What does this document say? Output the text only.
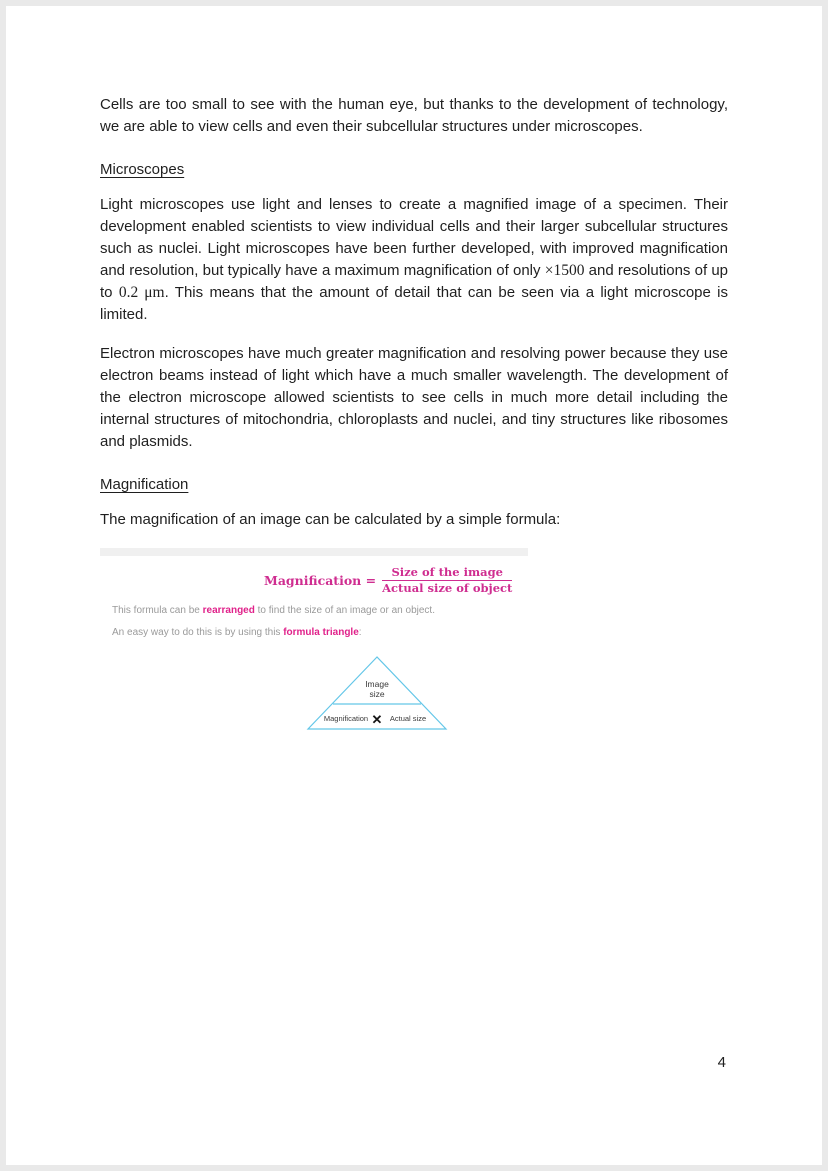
Cells are too small to see with the human eye, but thanks to the development of technology, we are able to view cells and even their subcellular structures under microscopes.

Microscopes

Light microscopes use light and lenses to create a magnified image of a specimen. Their development enabled scientists to view individual cells and their larger subcellular structures such as nuclei. Light microscopes have been further developed, with improved magnification and resolution, but typically have a maximum magnification of only ×1500 and resolutions of up to 0.2 μm. This means that the amount of detail that can be seen via a light microscope is limited.

Electron microscopes have much greater magnification and resolving power because they use electron beams instead of light which have a much smaller wavelength. The development of the electron microscope allowed scientists to see cells in much more detail including the internal structures of mitochondria, chloroplasts and nuclei, and tiny structures like ribosomes and plasmids.

Magnification

The magnification of an image can be calculated by a simple formula:

Magnification = $\frac{\text{Size of the image}}{\text{Actual size of object}}$
This formula can be rearranged to find the size of an image or an object.
An easy way to do this is by using this formula triangle:
Image
size
Magnification ✕ Actual size
4
